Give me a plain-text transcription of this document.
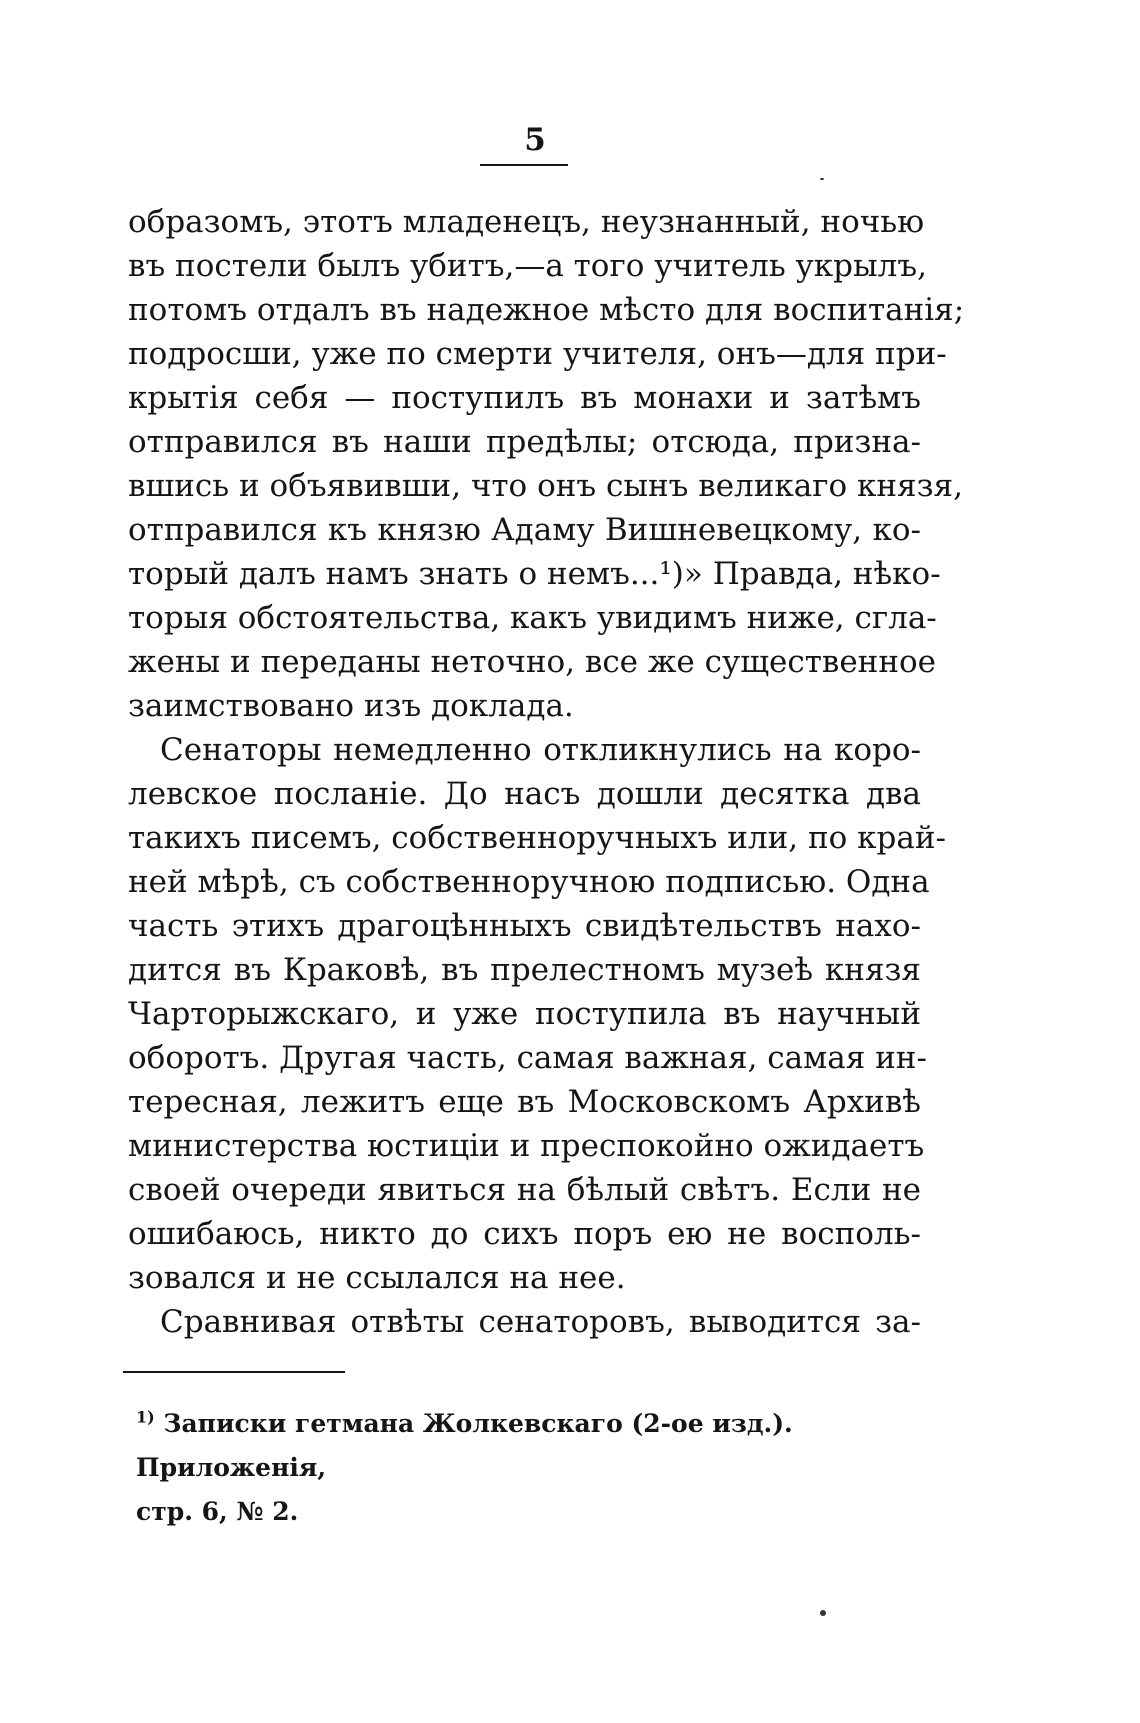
5
образомъ, этотъ младенецъ, неузнанный, ночью
въ постели былъ убитъ,—а того учитель укрылъ,
потомъ отдалъ въ надежное мѣсто для воспитанія;
подросши, уже по смерти учителя, онъ—для при-
крытія себя — поступилъ въ монахи и затѣмъ
отправился въ наши предѣлы; отсюда, призна-
вшись и объявивши, что онъ сынъ великаго князя,
отправился къ князю Адаму Вишневецкому, ко-
торый далъ намъ знать о немъ...¹)» Правда, нѣко-
торыя обстоятельства, какъ увидимъ ниже, сгла-
жены и переданы неточно, все же существенное
заимствовано изъ доклада.
Сенаторы немедленно откликнулись на коро-
левское посланіе. До насъ дошли десятка два
такихъ писемъ, собственноручныхъ или, по край-
ней мѣрѣ, съ собственноручною подписью. Одна
часть этихъ драгоцѣнныхъ свидѣтельствъ нахо-
дится въ Краковѣ, въ прелестномъ музеѣ князя
Чарторыжскаго, и уже поступила въ научный
оборотъ. Другая часть, самая важная, самая ин-
тересная, лежитъ еще въ Московскомъ Архивѣ
министерства юстиціи и преспокойно ожидаетъ
своей очереди явиться на бѣлый свѣтъ. Если не
ошибаюсь, никто до сихъ поръ ею не восполь-
зовался и не ссылался на нее.
Сравнивая отвѣты сенаторовъ, выводится за-
$^{1)}$ Записки гетмана Жолкевскаго (2-ое изд.). Приложенія,
стр. 6, № 2.
